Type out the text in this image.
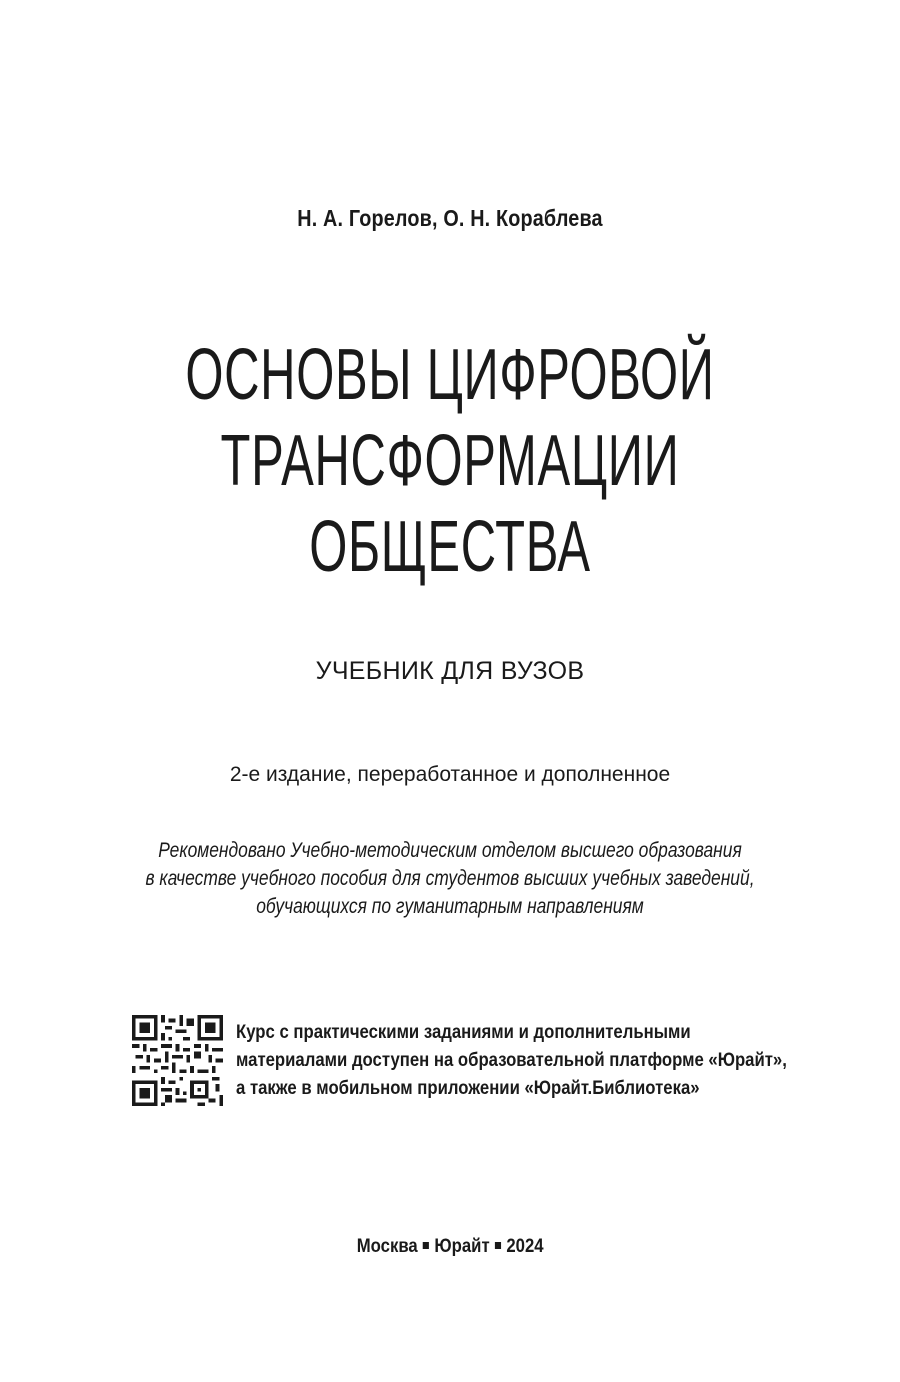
Н. А. Горелов, О. Н. Кораблева
ОСНОВЫ ЦИФРОВОЙ
ТРАНСФОРМАЦИИ
ОБЩЕСТВА
УЧЕБНИК ДЛЯ ВУЗОВ
2-е издание, переработанное и дополненное
Рекомендовано Учебно-методическим отделом высшего образования
в качестве учебного пособия для студентов высших учебных заведений,
обучающихся по гуманитарным направлениям
Курс с практическими заданиями и дополнительными
материалами доступен на образовательной платформе «Юрайт»,
а также в мобильном приложении «Юрайт.Библиотека»
Москва Юрайт 2024
